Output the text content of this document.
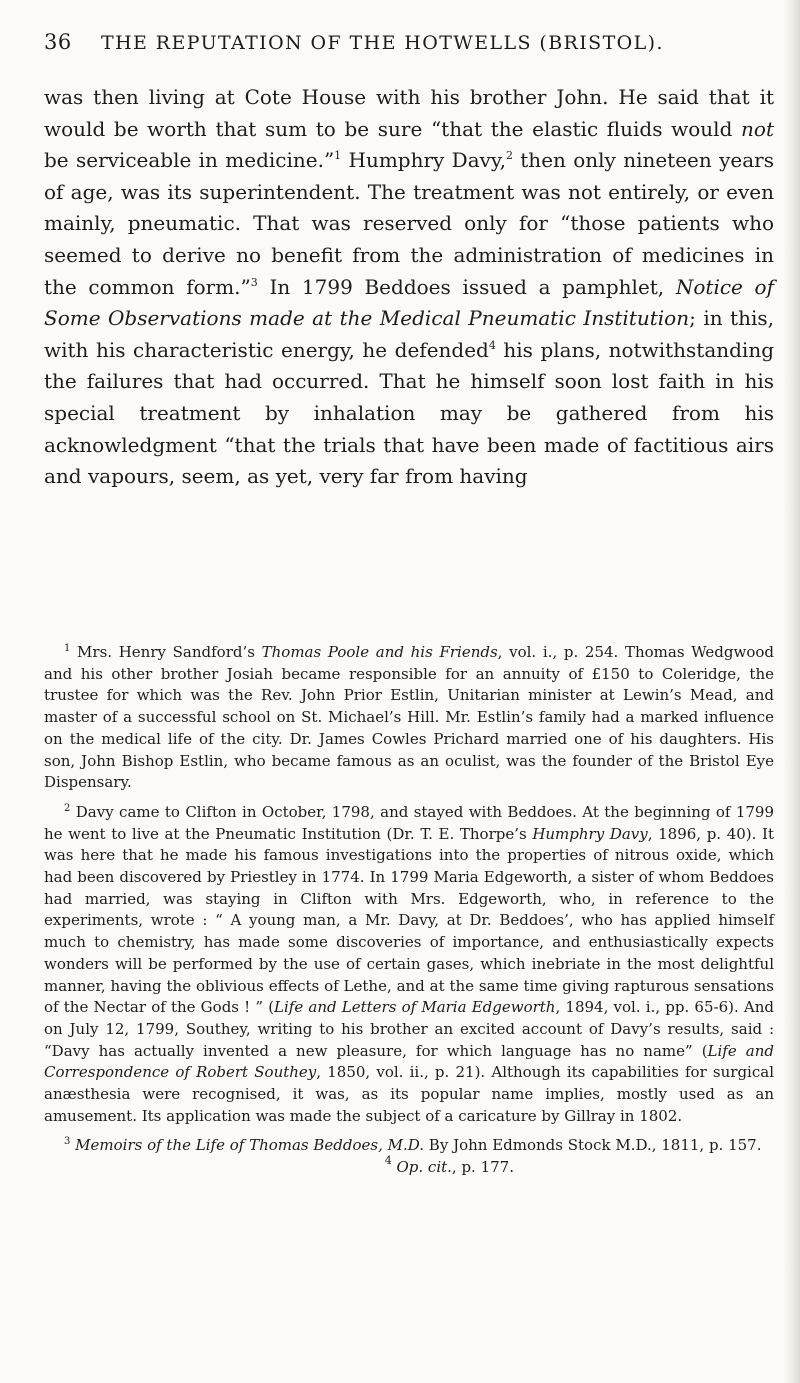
36 THE REPUTATION OF THE HOTWELLS (BRISTOL).

was then living at Cote House with his brother John. He said that it would be worth that sum to be sure “that the elastic fluids would not be serviceable in medicine.”$^1$ Humphry Davy,$^2$ then only nineteen years of age, was its superintendent. The treatment was not entirely, or even mainly, pneumatic. That was reserved only for “those patients who seemed to derive no benefit from the administration of medicines in the common form.”$^3$ In 1799 Beddoes issued a pamphlet, Notice of Some Observations made at the Medical Pneumatic Institution; in this, with his characteristic energy, he defended$^4$ his plans, notwithstanding the failures that had occurred. That he himself soon lost faith in his special treatment by inhalation may be gathered from his acknowledgment “that the trials that have been made of factitious airs and vapours, seem, as yet, very far from having

$^1$ Mrs. Henry Sandford’s Thomas Poole and his Friends, vol. i., p. 254. Thomas Wedgwood and his other brother Josiah became responsible for an annuity of £150 to Coleridge, the trustee for which was the Rev. John Prior Estlin, Unitarian minister at Lewin’s Mead, and master of a successful school on St. Michael’s Hill. Mr. Estlin’s family had a marked influence on the medical life of the city. Dr. James Cowles Prichard married one of his daughters. His son, John Bishop Estlin, who became famous as an oculist, was the founder of the Bristol Eye Dispensary.

$^2$ Davy came to Clifton in October, 1798, and stayed with Beddoes. At the beginning of 1799 he went to live at the Pneumatic Institution (Dr. T. E. Thorpe’s Humphry Davy, 1896, p. 40). It was here that he made his famous investigations into the properties of nitrous oxide, which had been discovered by Priestley in 1774. In 1799 Maria Edgeworth, a sister of whom Beddoes had married, was staying in Clifton with Mrs. Edgeworth, who, in reference to the experiments, wrote : “ A young man, a Mr. Davy, at Dr. Beddoes’, who has applied himself much to chemistry, has made some discoveries of importance, and enthusiastically expects wonders will be performed by the use of certain gases, which inebriate in the most delightful manner, having the oblivious effects of Lethe, and at the same time giving rapturous sensations of the Nectar of the Gods ! ” (Life and Letters of Maria Edgeworth, 1894, vol. i., pp. 65-6). And on July 12, 1799, Southey, writing to his brother an excited account of Davy’s results, said : “Davy has actually invented a new pleasure, for which language has no name” (Life and Correspondence of Robert Southey, 1850, vol. ii., p. 21). Although its capabilities for surgical anæsthesia were recognised, it was, as its popular name implies, mostly used as an amusement. Its application was made the subject of a caricature by Gillray in 1802.

$^3$ Memoirs of the Life of Thomas Beddoes, M.D. By John Edmonds Stock M.D., 1811, p. 157.

$^4$ Op. cit., p. 177.
